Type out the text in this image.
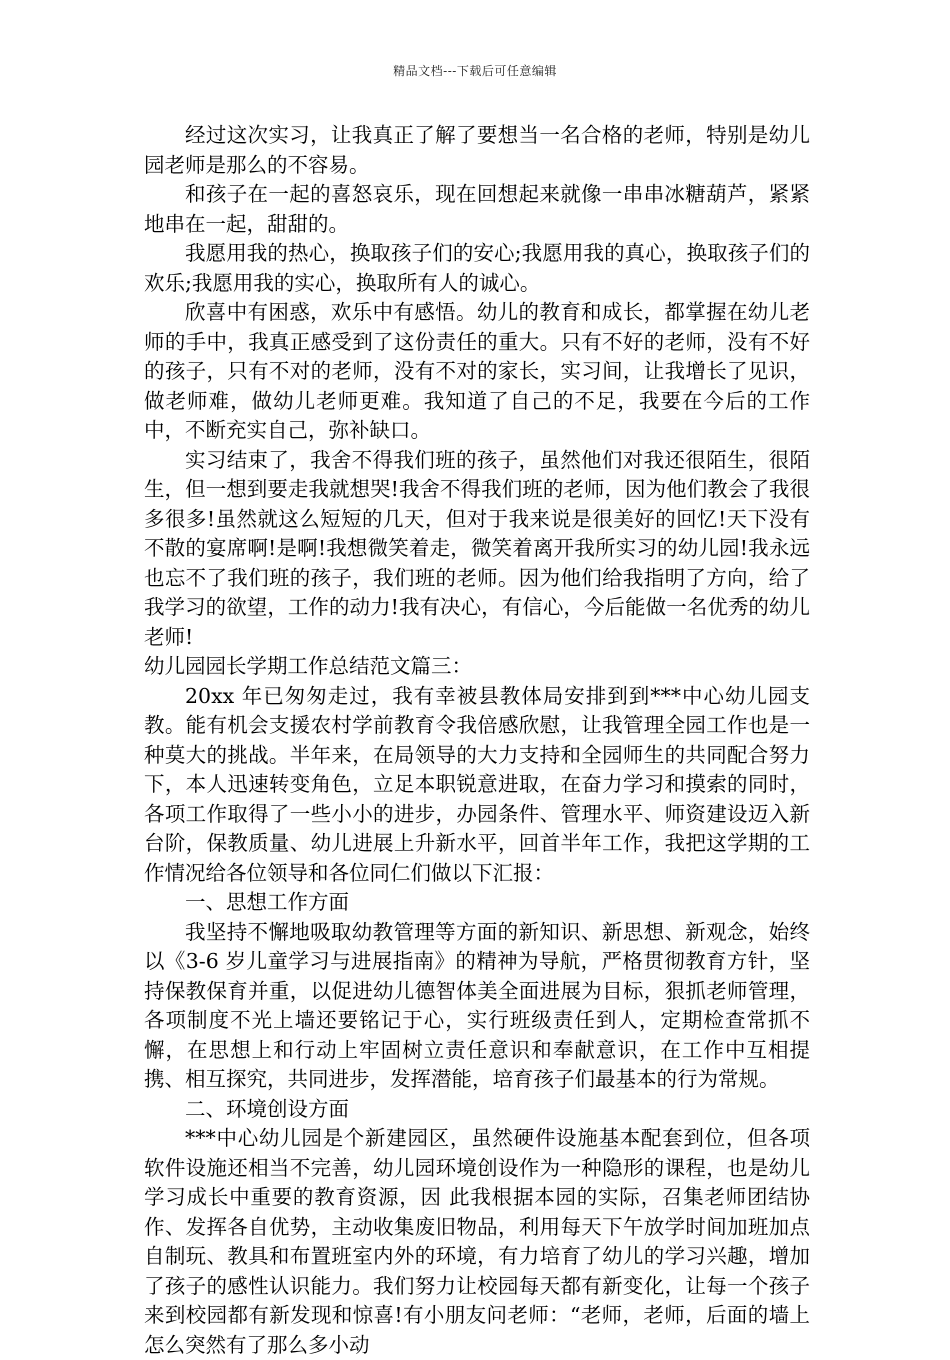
精品文档---下载后可任意编辑

经过这次实习，让我真正了解了要想当一名合格的老师，特别是幼儿园老师是那么的不容易。

和孩子在一起的喜怒哀乐，现在回想起来就像一串串冰糖葫芦，紧紧地串在一起，甜甜的。

我愿用我的热心，换取孩子们的安心;我愿用我的真心，换取孩子们的欢乐;我愿用我的实心，换取所有人的诚心。

欣喜中有困惑，欢乐中有感悟。幼儿的教育和成长，都掌握在幼儿老师的手中，我真正感受到了这份责任的重大。只有不好的老师，没有不好的孩子，只有不对的老师，没有不对的家长，实习间，让我增长了见识，做老师难，做幼儿老师更难。我知道了自己的不足，我要在今后的工作中，不断充实自己，弥补缺口。

实习结束了，我舍不得我们班的孩子，虽然他们对我还很陌生，很陌生，但一想到要走我就想哭!我舍不得我们班的老师，因为他们教会了我很多很多!虽然就这么短短的几天，但对于我来说是很美好的回忆!天下没有不散的宴席啊!是啊!我想微笑着走，微笑着离开我所实习的幼儿园!我永远也忘不了我们班的孩子，我们班的老师。因为他们给我指明了方向，给了我学习的欲望，工作的动力!我有决心，有信心，今后能做一名优秀的幼儿老师!

幼儿园园长学期工作总结范文篇三：

20xx 年已匆匆走过，我有幸被县教体局安排到到***中心幼儿园支教。能有机会支援农村学前教育令我倍感欣慰，让我管理全园工作也是一种莫大的挑战。半年来，在局领导的大力支持和全园师生的共同配合努力下，本人迅速转变角色，立足本职锐意进取，在奋力学习和摸索的同时，各项工作取得了一些小小的进步，办园条件、管理水平、师资建设迈入新台阶，保教质量、幼儿进展上升新水平，回首半年工作，我把这学期的工作情况给各位领导和各位同仁们做以下汇报：

一、思想工作方面

我坚持不懈地吸取幼教管理等方面的新知识、新思想、新观念，始终以《3-6 岁儿童学习与进展指南》的精神为导航，严格贯彻教育方针，坚持保教保育并重，以促进幼儿德智体美全面进展为目标，狠抓老师管理，各项制度不光上墙还要铭记于心，实行班级责任到人，定期检查常抓不懈，在思想上和行动上牢固树立责任意识和奉献意识，在工作中互相提携、相互探究，共同进步，发挥潜能，培育孩子们最基本的行为常规。

二、环境创设方面

***中心幼儿园是个新建园区，虽然硬件设施基本配套到位，但各项软件设施还相当不完善，幼儿园环境创设作为一种隐形的课程，也是幼儿学习成长中重要的教育资源，因 此我根据本园的实际，召集老师团结协作、发挥各自优势，主动收集废旧物品，利用每天下午放学时间加班加点自制玩、教具和布置班室内外的环境，有力培育了幼儿的学习兴趣，增加了孩子的感性认识能力。我们努力让校园每天都有新变化，让每一个孩子来到校园都有新发现和惊喜!有小朋友问老师：“老师，老师，后面的墙上怎么突然有了那么多小动
